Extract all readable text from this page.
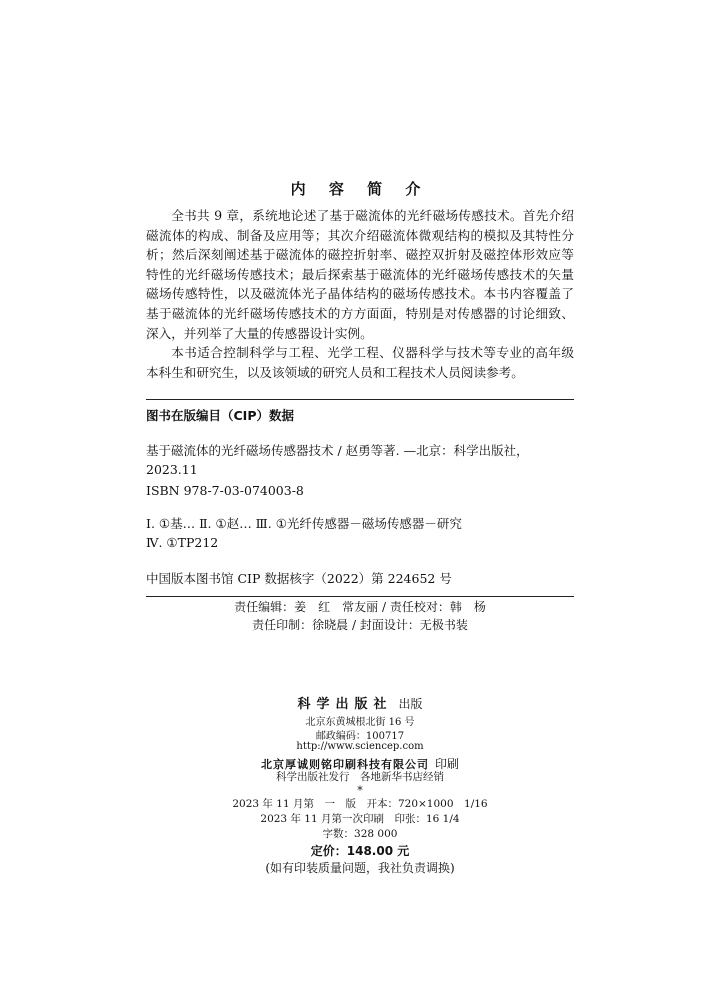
内 容 简 介

全书共 9 章，系统地论述了基于磁流体的光纤磁场传感技术。首先介绍磁流体的构成、制备及应用等；其次介绍磁流体微观结构的模拟及其特性分析；然后深刻阐述基于磁流体的磁控折射率、磁控双折射及磁控体形效应等特性的光纤磁场传感技术；最后探索基于磁流体的光纤磁场传感技术的矢量磁场传感特性，以及磁流体光子晶体结构的磁场传感技术。本书内容覆盖了基于磁流体的光纤磁场传感技术的方方面面，特别是对传感器的讨论细致、深入，并列举了大量的传感器设计实例。

本书适合控制科学与工程、光学工程、仪器科学与技术等专业的高年级本科生和研究生，以及该领域的研究人员和工程技术人员阅读参考。

图书在版编目（CIP）数据
基于磁流体的光纤磁场传感器技术 / 赵勇等著. —北京：科学出版社，
2023.11
ISBN 978-7-03-074003-8
Ⅰ. ①基… Ⅱ. ①赵… Ⅲ. ①光纤传感器－磁场传感器－研究
Ⅳ. ①TP212
中国版本图书馆 CIP 数据核字（2022）第 224652 号
责任编辑：姜　红　常友丽 / 责任校对：韩　杨
责任印制：徐晓晨 / 封面设计：无极书装
科学出版社 出版
北京东黄城根北街 16 号
邮政编码：100717
http://www.sciencep.com
北京厚诚则铭印刷科技有限公司 印刷
科学出版社发行　各地新华书店经销
*
2023 年 11 月第　一　版　开本：720×1000　1/16
2023 年 11 月第一次印刷　印张：16 1/4
字数：328 000
定价：148.00 元
(如有印装质量问题，我社负责调换)
